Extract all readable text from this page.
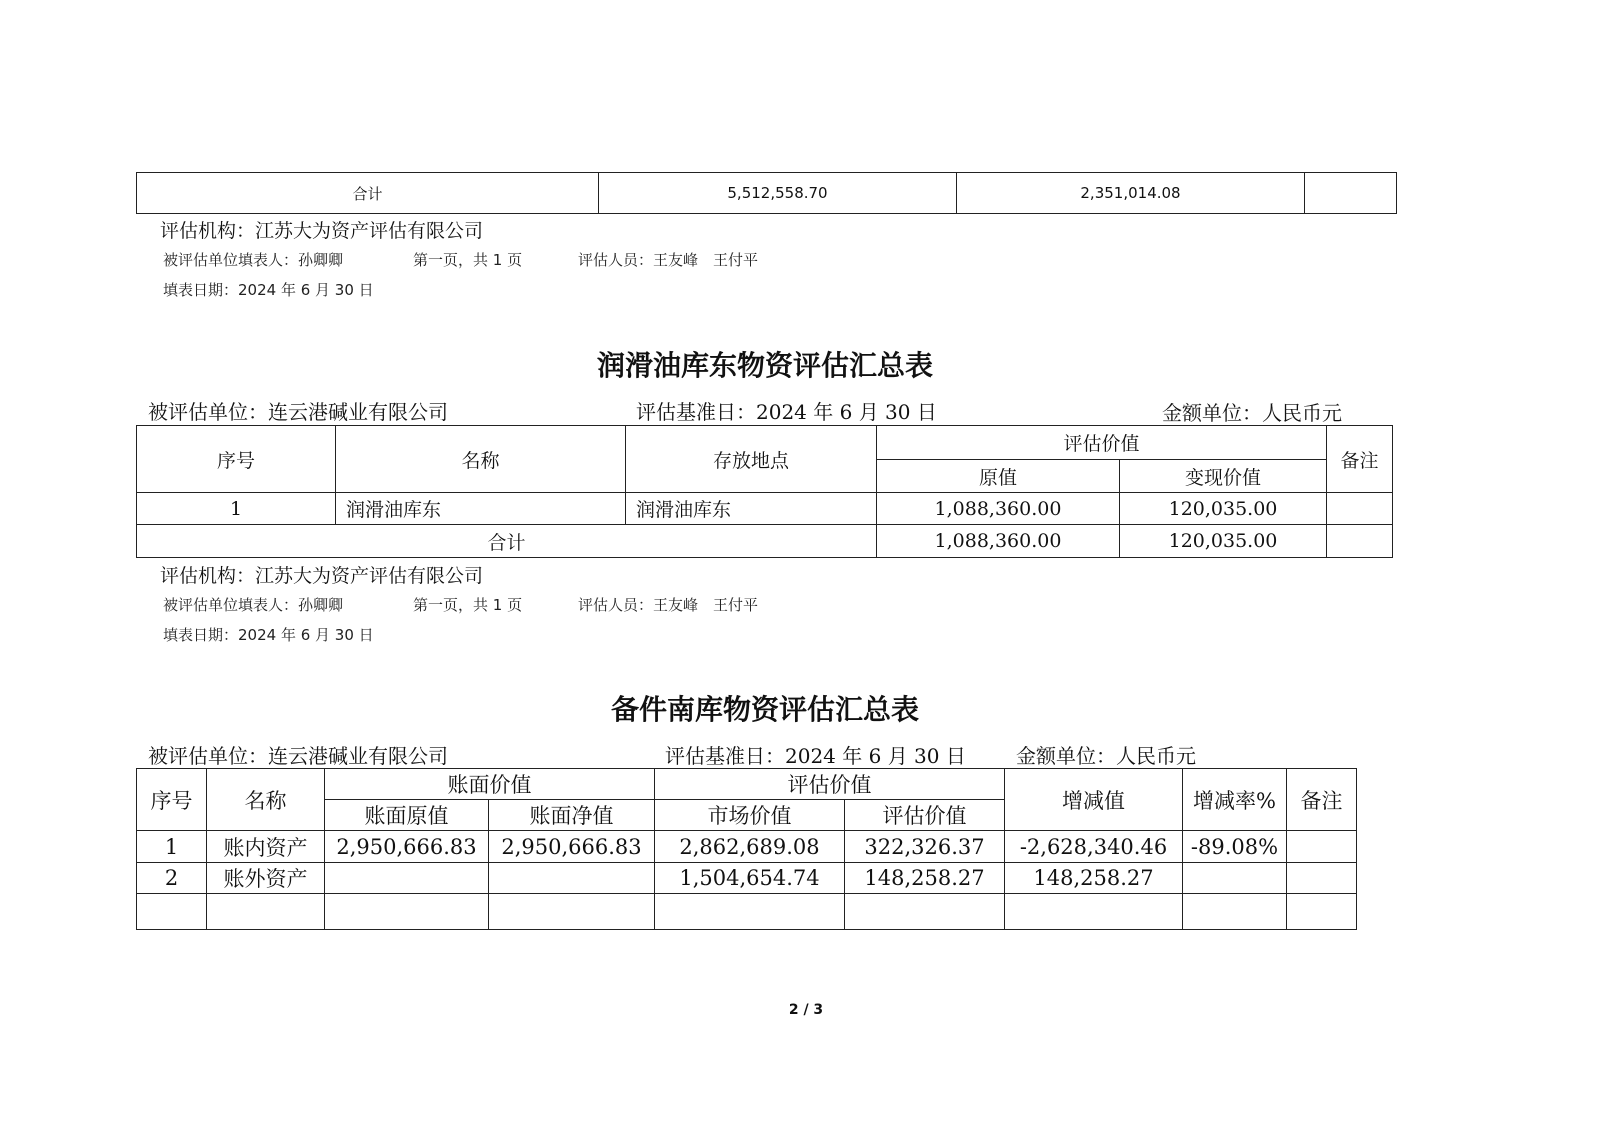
合计	5,512,558.70	2,351,014.08	
评估机构：江苏大为资产评估有限公司
被评估单位填表人：孙卿卿	第一页，共 1 页	评估人员：王友峰　王付平
填表日期：2024 年 6 月 30 日
润滑油库东物资评估汇总表
被评估单位：连云港碱业有限公司	评估基准日：2024 年 6 月 30 日	金额单位：人民币元
序号	名称	存放地点	评估价值		备注
			原值	变现价值	
1	润滑油库东	润滑油库东	1,088,360.00	120,035.00	
合计			1,088,360.00	120,035.00	
评估机构：江苏大为资产评估有限公司
被评估单位填表人：孙卿卿	第一页，共 1 页	评估人员：王友峰　王付平
填表日期：2024 年 6 月 30 日
备件南库物资评估汇总表
被评估单位：连云港碱业有限公司	评估基准日：2024 年 6 月 30 日	金额单位：人民币元
序号	名称	账面价值		评估价值		增减值	增减率%	备注
		账面原值	账面净值	市场价值	评估价值			
1	账内资产	2,950,666.83	2,950,666.83	2,862,689.08	322,326.37	-2,628,340.46	-89.08%	
2	账外资产			1,504,654.74	148,258.27	148,258.27		

2 / 3
